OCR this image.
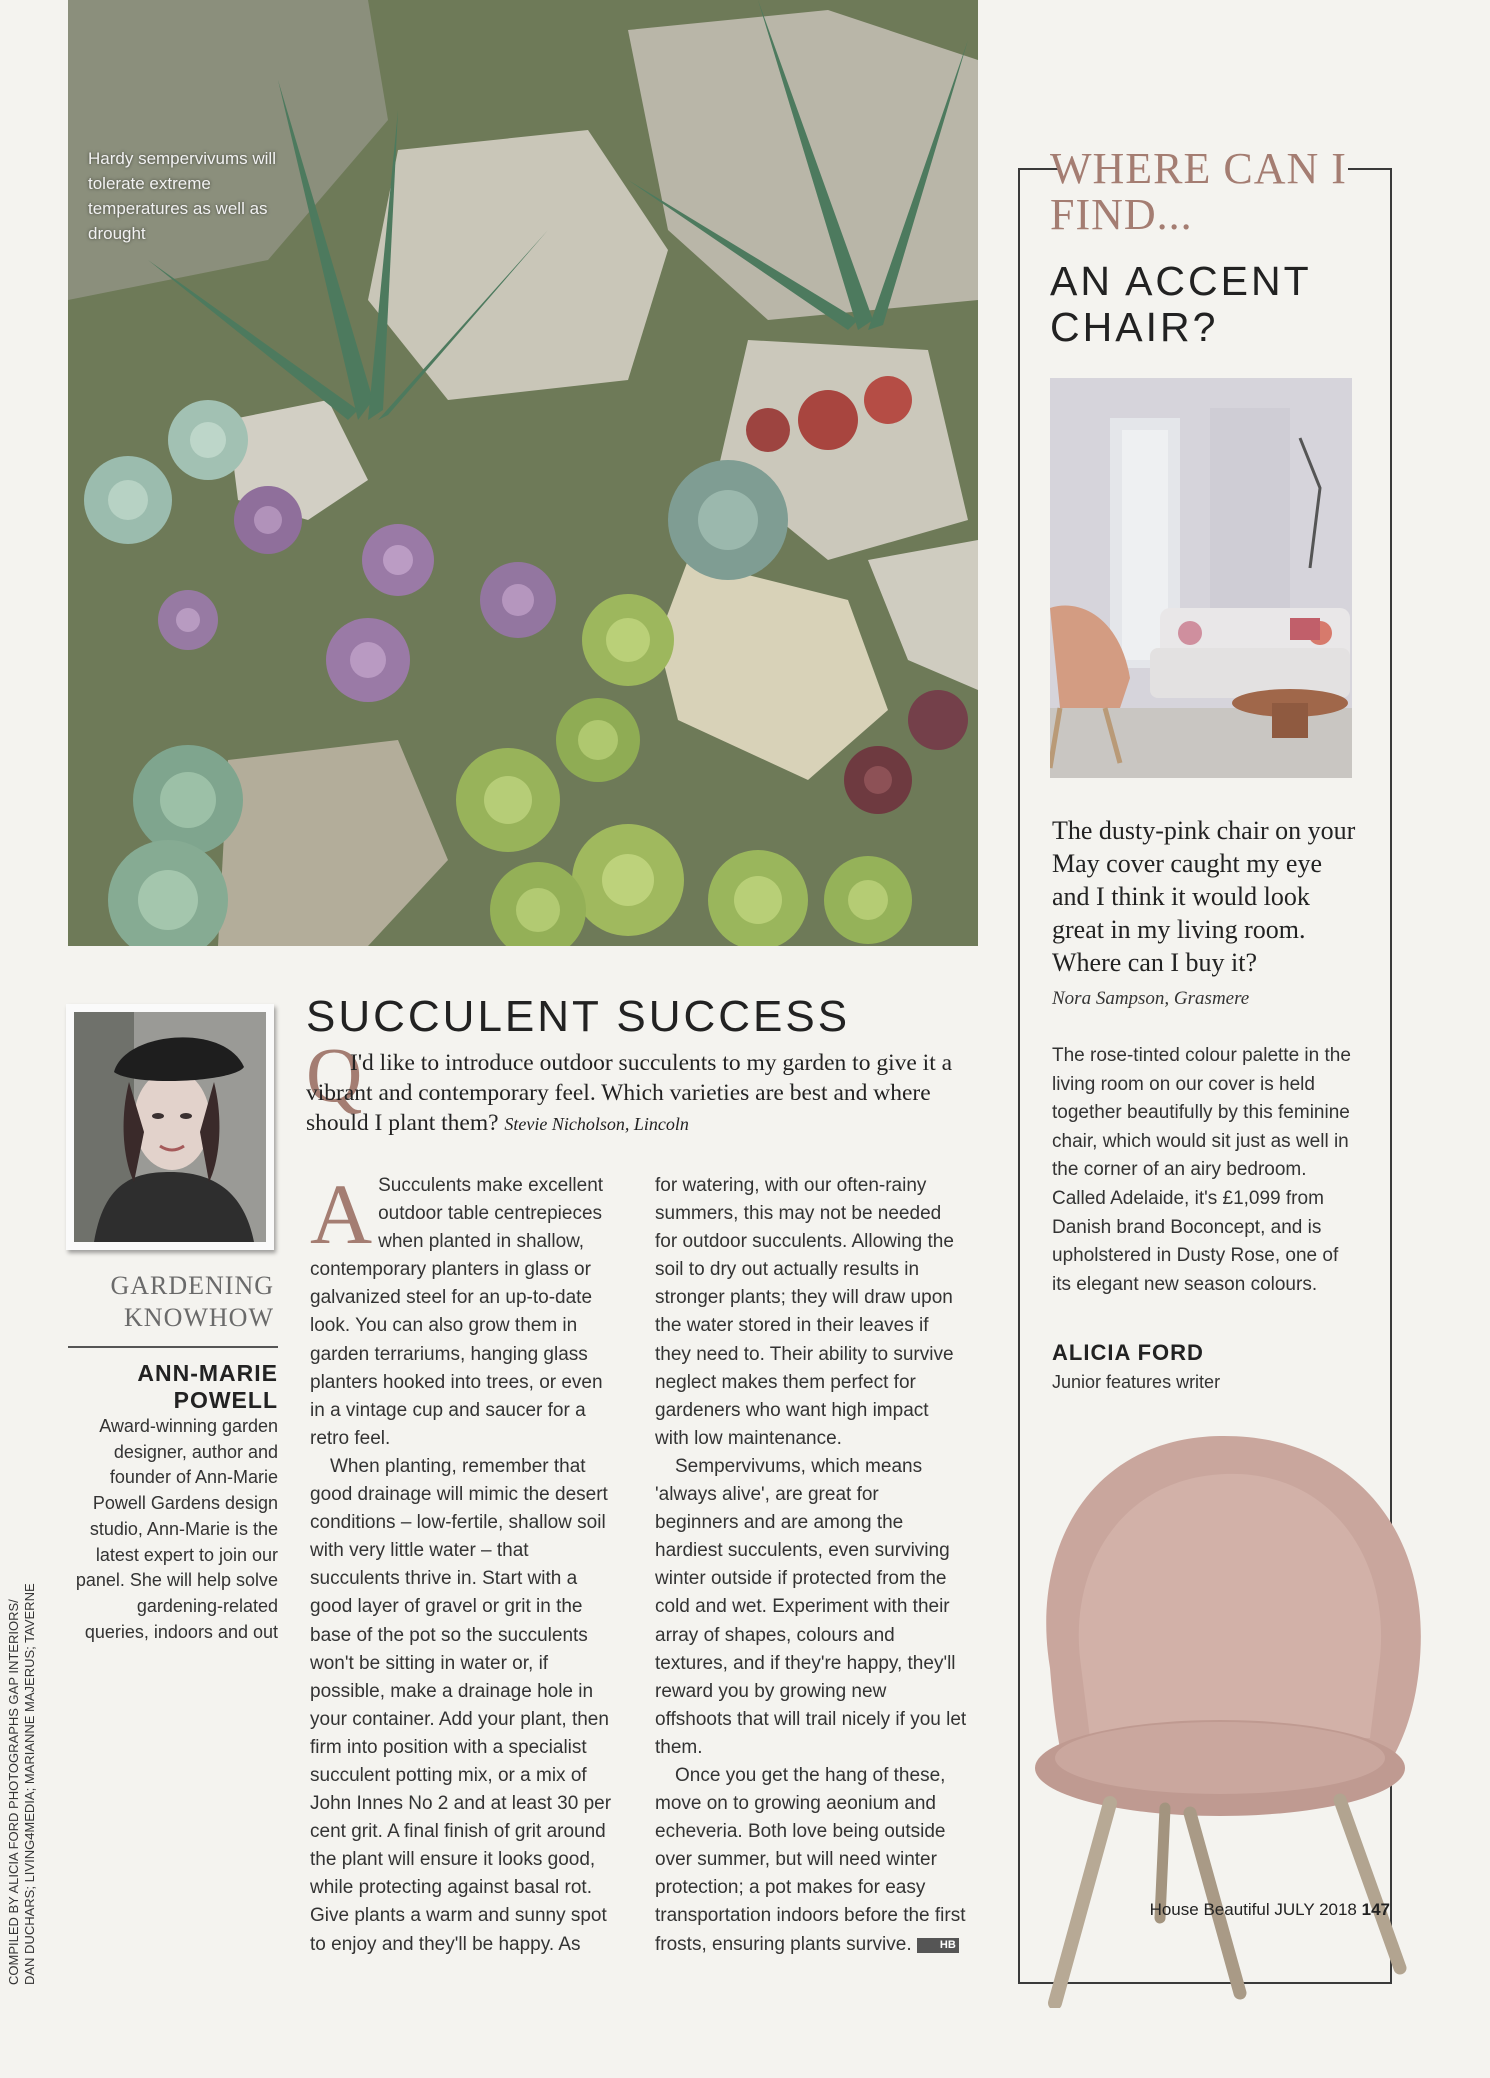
Hardy sempervivums will tolerate extreme temperatures as well as drought
WHERE CAN I FIND...
AN ACCENT CHAIR?
The dusty-pink chair on your May cover caught my eye and I think it would look great in my living room. Where can I buy it?
Nora Sampson, Grasmere
The rose-tinted colour palette in the living room on our cover is held together beautifully by this feminine chair, which would sit just as well in the corner of an airy bedroom. Called Adelaide, it's £1,099 from Danish brand Boconcept, and is upholstered in Dusty Rose, one of its elegant new season colours.
ALICIA FORD
Junior features writer
GARDENING KNOWHOW
ANN-MARIE POWELL
Award-winning garden designer, author and founder of Ann-Marie Powell Gardens design studio, Ann-Marie is the latest expert to join our panel. She will help solve gardening-related queries, indoors and out
COMPILED BY ALICIA FORD PHOTOGRAPHS GAP INTERIORS/ DAN DUCHARS; LIVING4MEDIA; MARIANNE MAJERUS; TAVERNE
SUCCULENT SUCCESS
Q
I'd like to introduce outdoor succulents to my garden to give it a vibrant and contemporary feel. Which varieties are best and where should I plant them? Stevie Nicholson, Lincoln

A Succulents make excellent outdoor table centrepieces when planted in shallow, contemporary planters in glass or galvanized steel for an up-to-date look. You can also grow them in garden terrariums, hanging glass planters hooked into trees, or even in a vintage cup and saucer for a retro feel.

When planting, remember that good drainage will mimic the desert conditions – low-fertile, shallow soil with very little water – that succulents thrive in. Start with a good layer of gravel or grit in the base of the pot so the succulents won't be sitting in water or, if possible, make a drainage hole in your container. Add your plant, then firm into position with a specialist succulent potting mix, or a mix of John Innes No 2 and at least 30 per cent grit. A final finish of grit around the plant will ensure it looks good, while protecting against basal rot. Give plants a warm and sunny spot to enjoy and they'll be happy. As

for watering, with our often-rainy summers, this may not be needed for outdoor succulents. Allowing the soil to dry out actually results in stronger plants; they will draw upon the water stored in their leaves if they need to. Their ability to survive neglect makes them perfect for gardeners who want high impact with low maintenance.

Sempervivums, which means 'always alive', are great for beginners and are among the hardiest succulents, even surviving winter outside if protected from the cold and wet. Experiment with their array of shapes, colours and textures, and if they're happy, they'll reward you by growing new offshoots that will trail nicely if you let them.

Once you get the hang of these, move on to growing aeonium and echeveria. Both love being outside over summer, but will need winter protection; a pot makes for easy transportation indoors before the first frosts, ensuring plants survive.	HB

House Beautiful JULY 2018 147
